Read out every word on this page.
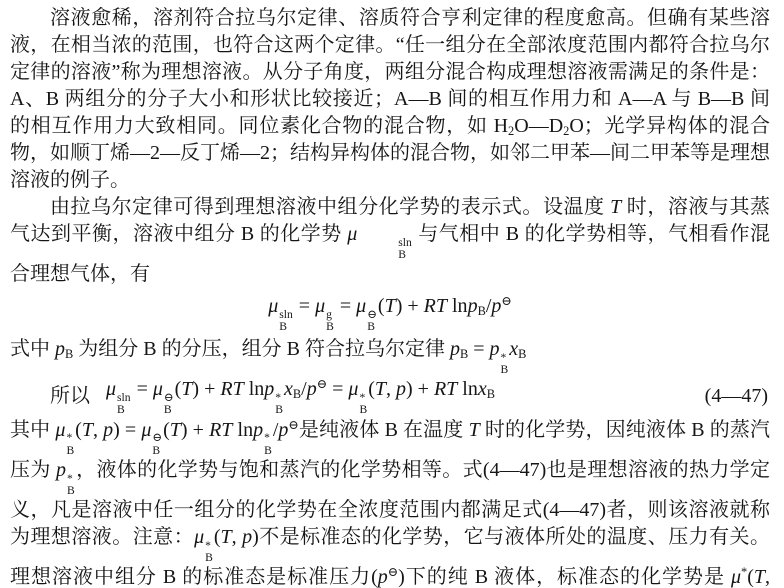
溶液愈稀，溶剂符合拉乌尔定律、溶质符合亨利定律的程度愈高。但确有某些溶液，在相当浓的范围，也符合这两个定律。“任一组分在全部浓度范围内都符合拉乌尔定律的溶液”称为理想溶液。从分子角度，两组分混合构成理想溶液需满足的条件是：A、B 两组分的分子大小和形状比较接近；A—B 间的相互作用力和 A—A 与 B—B 间的相互作用力大致相同。同位素化合物的混合物，如 $H_2O—D_2O$；光学异构体的混合物，如顺丁烯—2—反丁烯—2；结构异构体的混合物，如邻二甲苯—间二甲苯等是理想溶液的例子。

由拉乌尔定律可得到理想溶液中组分化学势的表示式。设温度 T 时，溶液与其蒸气达到平衡，溶液中组分 B 的化学势 μ	sln
B
与气相中 B 的化学势相等，气相看作混合理想气体，有

μ sln
B
= μ g
B
= μ ⊖
B
(T) + RT lnp$_B$/p⊖

式中 $p_B$ 为组分 B 的分压，组分 B 符合拉乌尔定律 $p_B = p$ *
B
$x_B$

所以 μ sln
B
= μ ⊖
B
(T) + RT lnp *
B
$x_B/p^⊖ = \mu$ *
B
(T, p) + RT lnx$_B$	(4—47)

其中 μ *
B
(T, p) = μ ⊖
B
(T) + RT lnp *
B
/p⊖是纯液体 B 在温度 T 时的化学势，因纯液体 B 的蒸汽压为 p *
B
，液体的化学势与饱和蒸汽的化学势相等。式(4—47)也是理想溶液的热力学定义，凡是溶液中任一组分的化学势在全浓度范围内都满足式(4—47)者，则该溶液就称为理想溶液。注意：μ *
B
(T, p)不是标准态的化学势，它与液体所处的温度、压力有关。理想溶液中组分 B 的标准态是标准压力(p⊖)下的纯 B 液体，标准态的化学势是 μ*(T,
